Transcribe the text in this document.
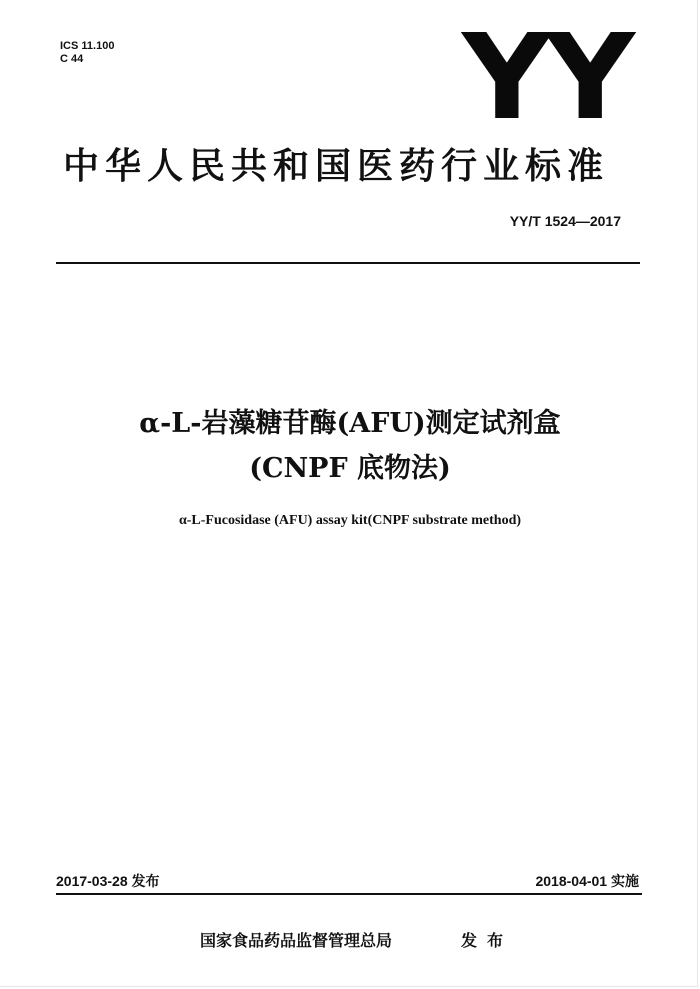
ICS 11.100
C 44	YY
中华人民共和国医药行业标准
YY/T 1524—2017
α-L-岩藻糖苷酶(AFU)测定试剂盒
(CNPF 底物法)
α-L-Fucosidase (AFU) assay kit(CNPF substrate method)
2017-03-28 发布	2018-04-01 实施
国家食品药品监督管理总局	发布
